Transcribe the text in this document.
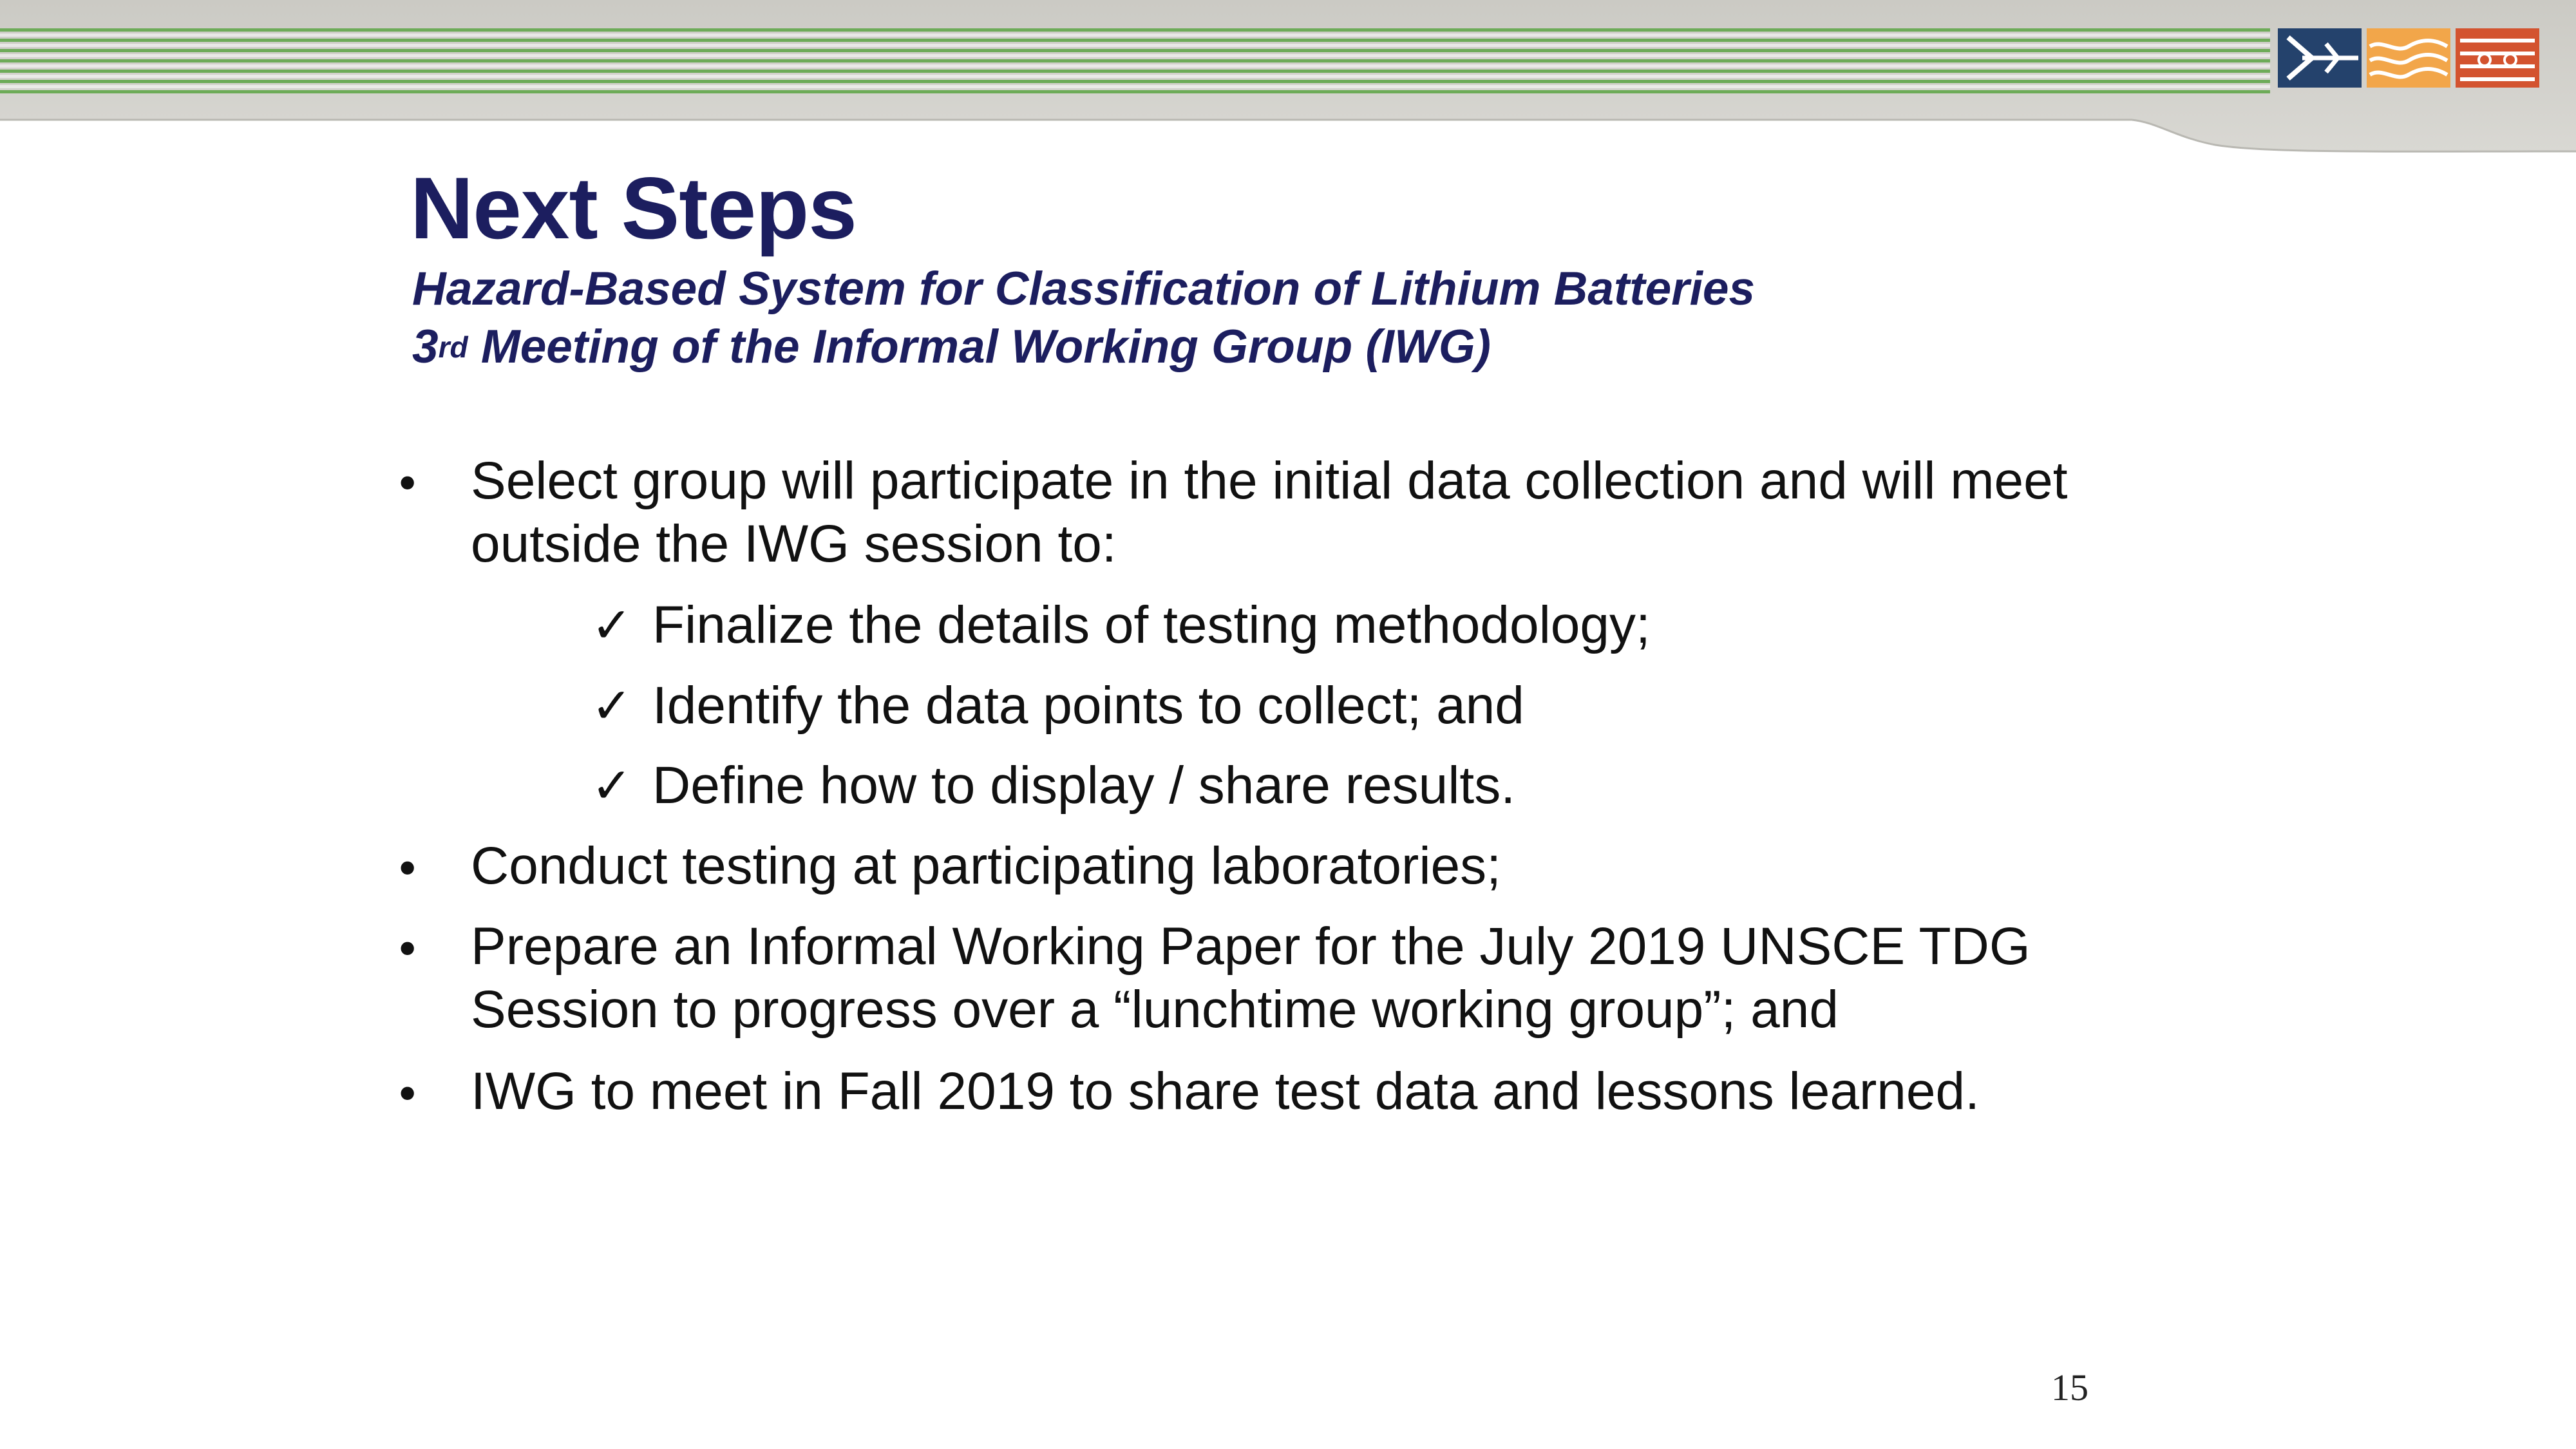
Next Steps

Hazard-Based System for Classification of Lithium Batteries

3rd Meeting of the Informal Working Group (IWG)

• Select group will participate in the initial data collection and will meet

outside the IWG session to:

✓ Finalize the details of testing methodology;

✓ Identify the data points to collect; and

✓ Define how to display / share results.

• Conduct testing at participating laboratories;

• Prepare an Informal Working Paper for the July 2019 UNSCE TDG

Session to progress over a “lunchtime working group”; and

• IWG to meet in Fall 2019 to share test data and lessons learned.

15
